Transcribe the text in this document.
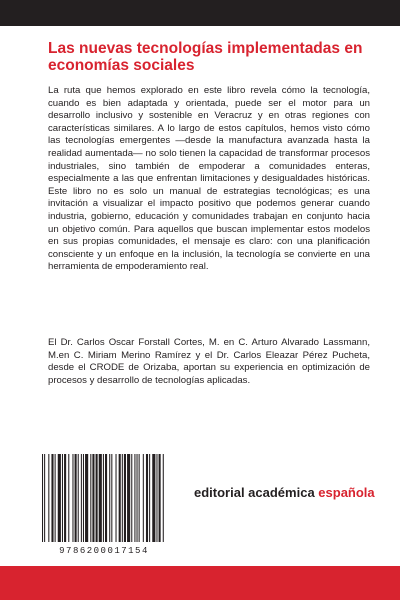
Las nuevas tecnologías implementadas en economías sociales

La ruta que hemos explorado en este libro revela cómo la tecnología, cuando es bien adaptada y orientada, puede ser el motor para un desarrollo inclusivo y sostenible en Veracruz y en otras regiones con características similares. A lo largo de estos capítulos, hemos visto cómo las tecnologías emergentes —desde la manufactura avanzada hasta la realidad aumentada— no solo tienen la capacidad de transformar procesos industriales, sino también de empoderar a comunidades enteras, especialmente a las que enfrentan limitaciones y desigualdades históricas. Este libro no es solo un manual de estrategias tecnológicas; es una invitación a visualizar el impacto positivo que podemos generar cuando industria, gobierno, educación y comunidades trabajan en conjunto hacia un objetivo común. Para aquellos que buscan implementar estos modelos en sus propias comunidades, el mensaje es claro: con una planificación consciente y un enfoque en la inclusión, la tecnología se convierte en una herramienta de empoderamiento real.

El Dr. Carlos Oscar Forstall Cortes, M. en C. Arturo Alvarado Lassmann, M.en C. Miriam Merino Ramírez y el Dr. Carlos Eleazar Pérez Pucheta, desde el CRODE de Orizaba, aportan su experiencia en optimización de procesos y desarrollo de tecnologías aplicadas.

9786200017154
editorial académica española
